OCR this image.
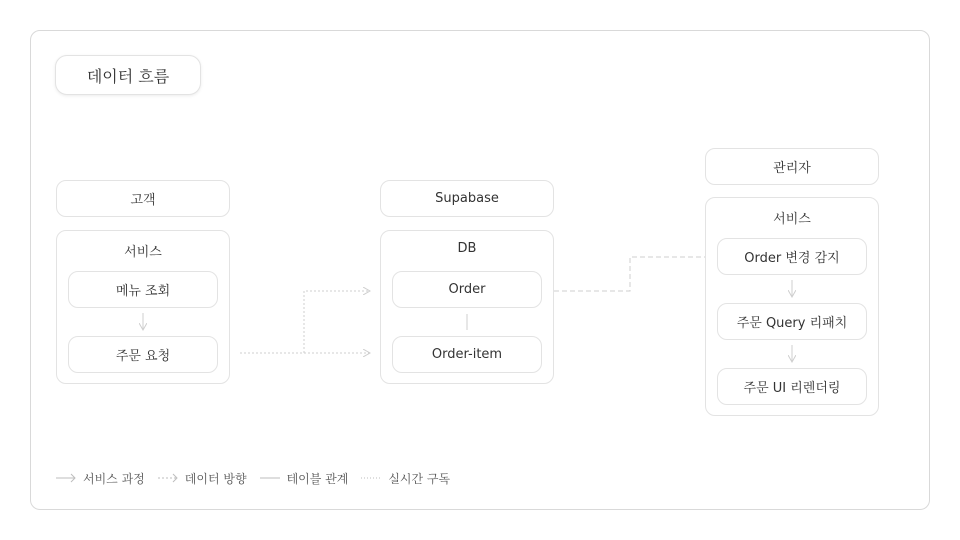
데이터 흐름
고객
서비스
메뉴 조회
주문 요청
Supabase
DB
Order
Order-item
관리자
서비스
Order 변경 감지
주문 Query 리패치
주문 UI 리렌더링
서비스 과정	데이터 방향	테이블 관계	실시간 구독
